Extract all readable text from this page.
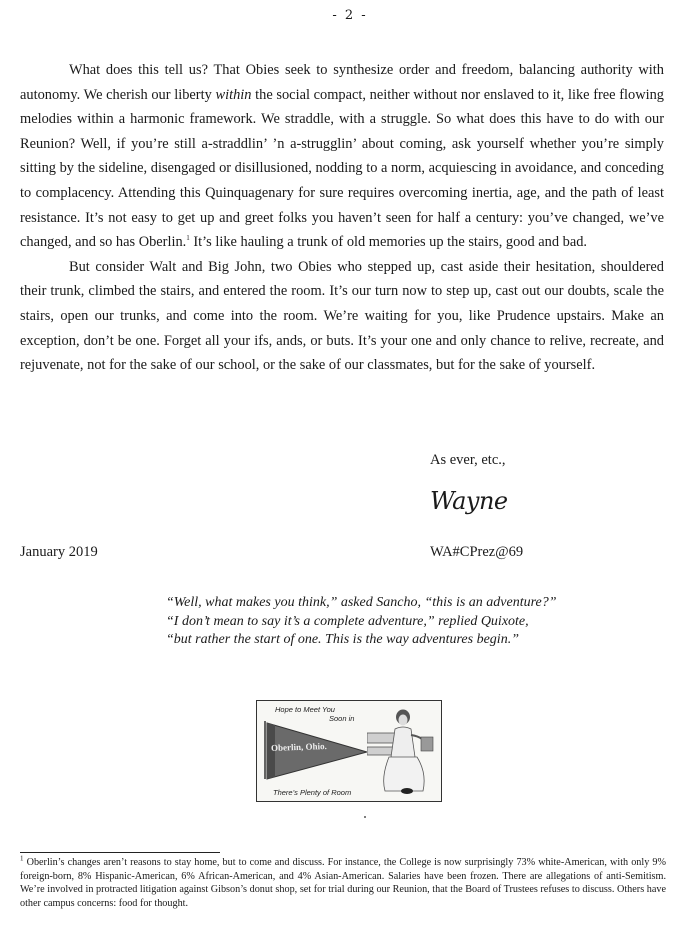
- 2 -

What does this tell us? That Obies seek to synthesize order and freedom, balancing authority with autonomy. We cherish our liberty within the social compact, neither without nor enslaved to it, like free flowing melodies within a harmonic framework. We straddle, with a struggle. So what does this have to do with our Reunion? Well, if you’re still a-straddlin’ ’n a-strugglin’ about coming, ask yourself whether you’re simply sitting by the sideline, disengaged or disillusioned, nodding to a norm, acquiescing in avoidance, and conceding to complacency. Attending this Quinquagenary for sure requires overcoming inertia, age, and the path of least resistance. It’s not easy to get up and greet folks you haven’t seen for half a century: you’ve changed, we’ve changed, and so has Oberlin.$^1$ It’s like hauling a trunk of old memories up the stairs, good and bad.

But consider Walt and Big John, two Obies who stepped up, cast aside their hesitation, shouldered their trunk, climbed the stairs, and entered the room. It’s our turn now to step up, cast out our doubts, scale the stairs, open our trunks, and come into the room. We’re waiting for you, like Prudence upstairs. Make an exception, don’t be one. Forget all your ifs, ands, or buts. It’s your one and only chance to relive, recreate, and rejuvenate, not for the sake of our school, or the sake of our classmates, but for the sake of yourself.

As ever, etc.,
Wayne
January 2019	WA#CPrez@69
“Well, what makes you think,” asked Sancho, “this is an adventure?”
“I don’t mean to say it’s a complete adventure,” replied Quixote,
“but rather the start of one. This is the way adventures begin.”
Hope to Meet You
Soon in
Oberlin, Ohio.
There’s Plenty of Room
$^1$ Oberlin’s changes aren’t reasons to stay home, but to come and discuss. For instance, the College is now surprisingly 73% white-American, with only 9% foreign-born, 8% Hispanic-American, 6% African-American, and 4% Asian-American. Salaries have been frozen. There are allegations of anti-Semitism. We’re involved in protracted litigation against Gibson’s donut shop, set for trial during our Reunion, that the Board of Trustees refuses to discuss. Others have other campus concerns: food for thought.
